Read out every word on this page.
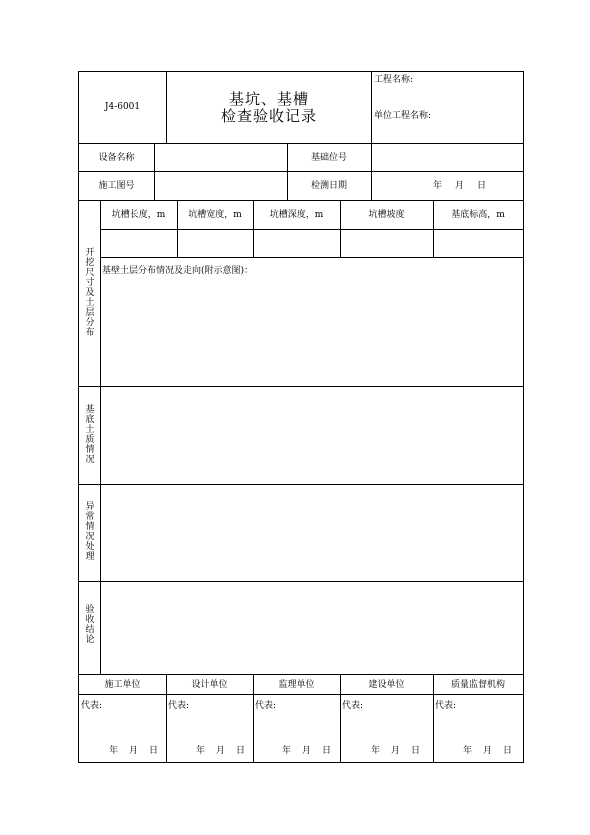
J4-6001	基坑、基槽
检查验收记录
工程名称:
单位工程名称:
设备名称	基础位号
施工图号	检测日期	年 月 日
开挖尺寸及土层分布
坑槽长度，m	坑槽宽度，m	坑槽深度，m	坑槽坡度	基底标高，m
基壁土层分布情况及走向(附示意图)：
基底土质情况
异常情况处理
验收结论
施工单位	设计单位	监理单位	建设单位	质量监督机构
代表:	代表:	代表:	代表:	代表:
年 月 日	年 月 日	年 月 日	年 月 日	年 月 日
